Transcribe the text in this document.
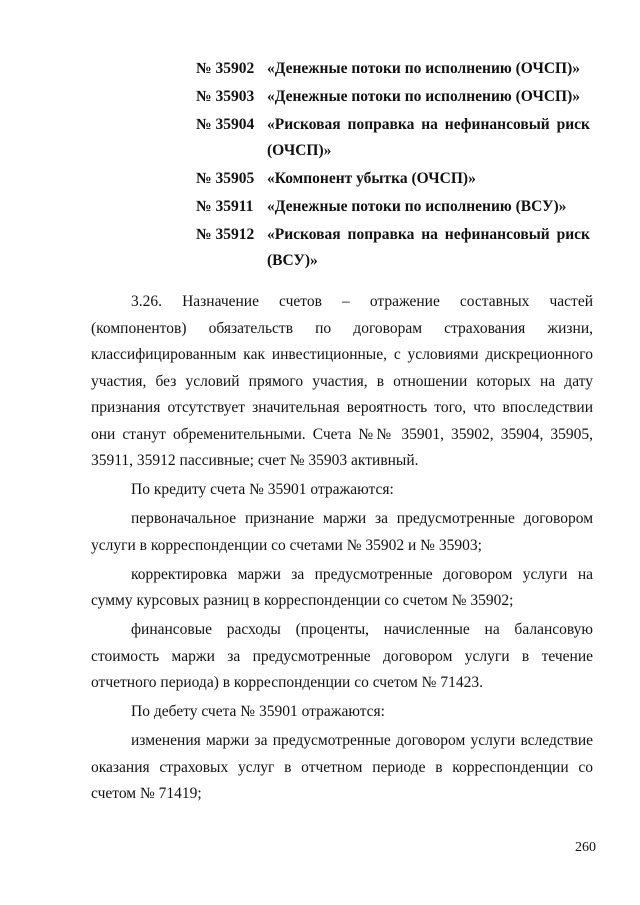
№ 35902 «Денежные потоки по исполнению (ОЧСП)»
№ 35903 «Денежные потоки по исполнению (ОЧСП)»
№ 35904 «Рисковая поправка на нефинансовый риск (ОЧСП)»
№ 35905 «Компонент убытка (ОЧСП)»
№ 35911 «Денежные потоки по исполнению (ВСУ)»
№ 35912 «Рисковая поправка на нефинансовый риск (ВСУ)»

3.26. Назначение счетов – отражение составных частей (компонентов) обязательств по договорам страхования жизни, классифицированным как инвестиционные, с условиями дискреционного участия, без условий прямого участия, в отношении которых на дату признания отсутствует значительная вероятность того, что впоследствии они станут обременительными. Счета №№ 35901, 35902, 35904, 35905, 35911, 35912 пассивные; счет № 35903 активный.

По кредиту счета № 35901 отражаются:

первоначальное признание маржи за предусмотренные договором услуги в корреспонденции со счетами № 35902 и № 35903;

корректировка маржи за предусмотренные договором услуги на сумму курсовых разниц в корреспонденции со счетом № 35902;

финансовые расходы (проценты, начисленные на балансовую стоимость маржи за предусмотренные договором услуги в течение отчетного периода) в корреспонденции со счетом № 71423.

По дебету счета № 35901 отражаются:

изменения маржи за предусмотренные договором услуги вследствие оказания страховых услуг в отчетном периоде в корреспонденции со счетом № 71419;

260
